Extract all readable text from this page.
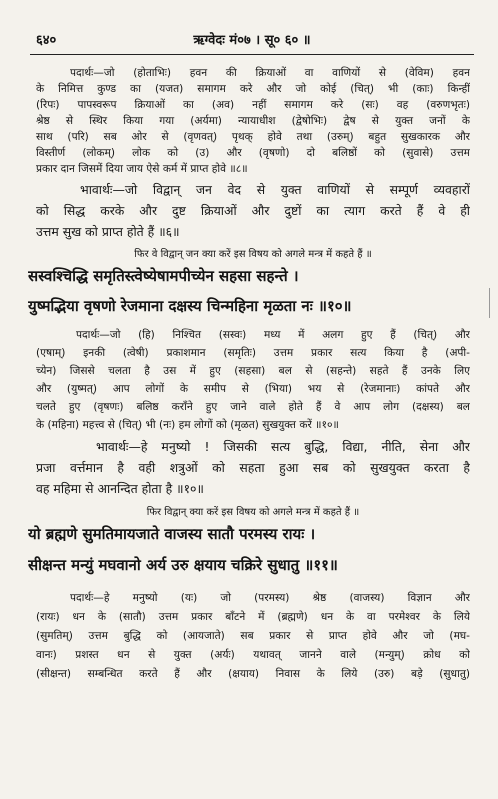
६४०	ऋग्वेदः मं०७ । सू० ६० ॥
पदार्थः—जो (होताभिः) हवन की क्रियाओं वा वाणियों से (वेविम) हवन
के निमित्त कुण्ड का (यजत) समागम करे और जो कोई (चित्) भी (काः) किन्हीं
(रिपः) पापस्वरूप क्रियाओं का (अव) नहीं समागम करे (सः) वह (वरुणभृतः)
श्रेष्ठ से स्थिर किया गया (अर्यमा) न्यायाधीश (द्वेषोभिः) द्वेष से युक्त जनों के
साथ (परि) सब ओर से (वृणवत्) पृथक् होवे तथा (उरुम्) बहुत सुखकारक और
विस्तीर्ण (लोकम्) लोक को (उ) और (वृषणो) दो बलिष्ठों को (सुवासे) उत्तम
प्रकार दान जिसमें दिया जाय ऐसे कर्म में प्राप्त होवे ॥८॥
भावार्थः—जो विद्वान् जन वेद से युक्त वाणियों से सम्पूर्ण व्यवहारों
को सिद्ध करके और दुष्ट क्रियाओं और दुष्टों का त्याग करते हैं वे ही
उत्तम सुख को प्राप्त होते हैं ॥६॥
फिर वे विद्वान् जन क्या करें इस विषय को अगले मन्त्र में कहते हैं ॥
सस्वश्चिद्धि समृतिस्त्वेष्येषामपीच्येन सहसा सहन्ते ।
युष्मद्भिया वृषणो रेजमाना दक्षस्य चिन्महिना मृळता नः ॥१०॥
पदार्थः—जो (हि) निश्चित (सस्वः) मध्य में अलग हुए हैं (चित्) और
(एषाम्) इनकी (त्वेषी) प्रकाशमान (समृतिः) उत्तम प्रकार सत्य किया है (अपी-
च्येन) जिससे चलता है उस में हुए (सहसा) बल से (सहन्ते) सहते हैं उनके लिए
और (युष्मत्) आप लोगों के समीप से (भिया) भय से (रेजमानाः) कांपते और
चलते हुए (वृषणः) बलिष्ठ कराँने हुए जाने वाले होते हैं वे आप लोग (दक्षस्य) बल
के (महिना) महत्त्व से (चित्) भी (नः) हम लोगों को (मृळत) सुखयुक्त करें ॥१०॥
भावार्थः—हे मनुष्यो ! जिसकी सत्य बुद्धि, विद्या, नीति, सेना और
प्रजा वर्त्तमान है वही शत्रुओं को सहता हुआ सब को सुखयुक्त करता है
वह महिमा से आनन्दित होता है ॥१०॥
फिर विद्वान् क्या करें इस विषय को अगले मन्त्र में कहते हैं ॥
यो ब्रह्मणे सुमतिमायजाते वाजस्य सातौ परमस्य रायः ।
सीक्षन्त मन्युं मघवानो अर्य उरु क्षयाय चक्रिरे सुधातु ॥११॥
पदार्थः—हे मनुष्यो (यः) जो (परमस्य) श्रेष्ठ (वाजस्य) विज्ञान और
(रायः) धन के (सातौ) उत्तम प्रकार बाँटने में (ब्रह्मणे) धन के वा परमेश्वर के लिये
(सुमतिम्) उत्तम बुद्धि को (आयजाते) सब प्रकार से प्राप्त होवे और जो (मघ-
वानः) प्रशस्त धन से युक्त (अर्यः) यथावत् जानने वाले (मन्युम्) क्रोध को
(सीक्षन्त) सम्बन्धित करते हैं और (क्षयाय) निवास के लिये (उरु) बड़े (सुधातु)
